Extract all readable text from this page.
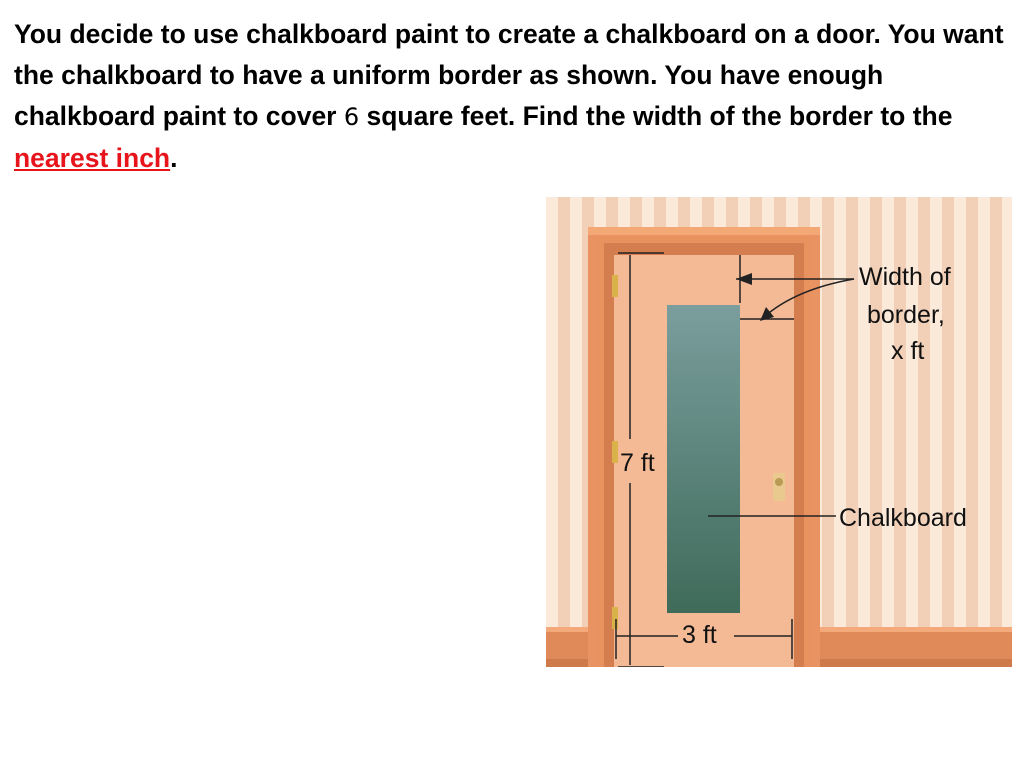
You decide to use chalkboard paint to create a chalkboard on a door. You want the chalkboard to have a uniform border as shown. You have enough chalkboard paint to cover 6 square feet. Find the width of the border to the nearest inch.

7 ft
3 ft
Width of
border,
x ft
Chalkboard
